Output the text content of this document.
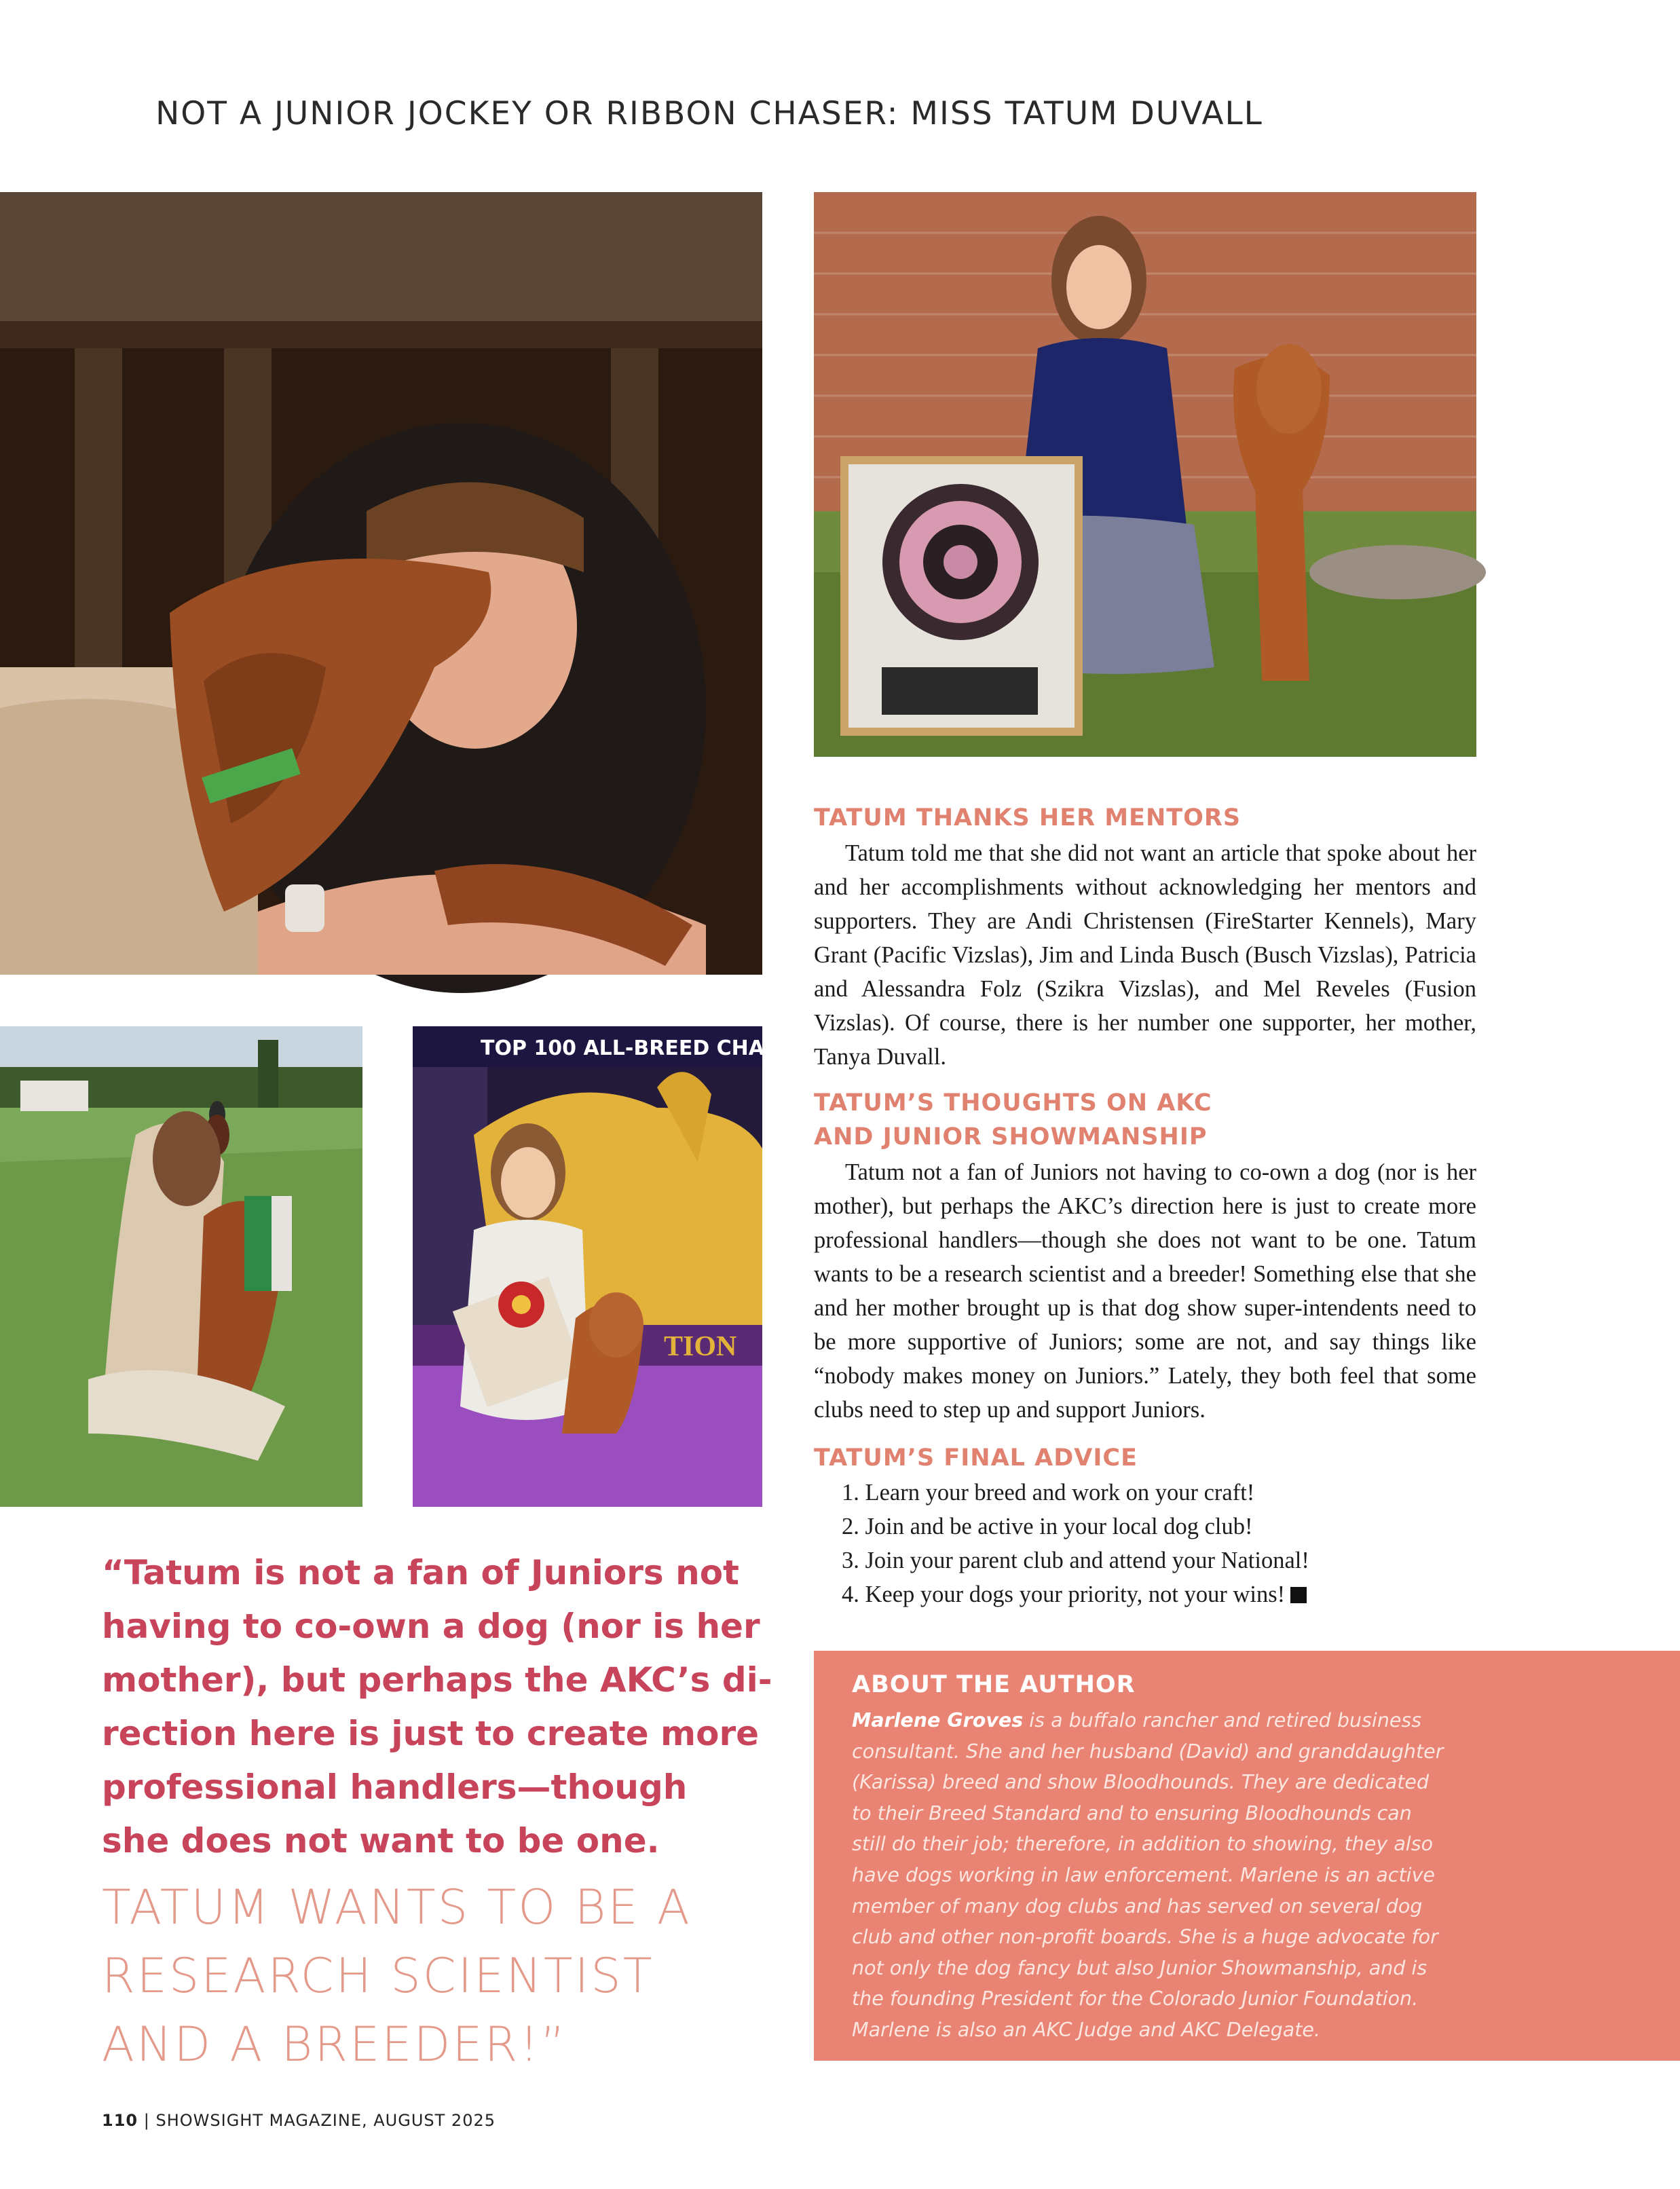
NOT A JUNIOR JOCKEY OR RIBBON CHASER: MISS TATUM DUVALL
TOP 100 ALL-BREED CHAMPIONS
TION
TATUM THANKS HER MENTORS

Tatum told me that she did not want an article that spoke about her and her accomplishments without acknowledging her mentors and supporters. They are Andi Christensen (FireStarter Kennels), Mary Grant (Pacific Vizslas), Jim and Linda Busch (Busch Vizslas), Patricia and Alessandra Folz (Szikra Vizslas), and Mel Reveles (Fusion Vizslas). Of course, there is her number one supporter, her mother, Tanya Duvall.

TATUM’S THOUGHTS ON AKC
AND JUNIOR SHOWMANSHIP

Tatum not a fan of Juniors not having to co-own a dog (nor is her mother), but perhaps the AKC’s direction here is just to create more professional handlers—though she does not want to be one. Tatum wants to be a research scientist and a breeder! Something else that she and her mother brought up is that dog show super-intendents need to be more supportive of Juniors; some are not, and say things like “nobody makes money on Juniors.” Lately, they both feel that some clubs need to step up and support Juniors.

TATUM’S FINAL ADVICE
1. Learn your breed and work on your craft!
2. Join and be active in your local dog club!
3. Join your parent club and attend your National!
4. Keep your dogs your priority, not your wins!
“Tatum is not a fan of Juniors not
having to co-own a dog (nor is her
mother), but perhaps the AKC’s di-
rection here is just to create more
professional handlers—though
she does not want to be one.
TATUM WANTS TO BE A
RESEARCH SCIENTIST
AND A BREEDER!”
ABOUT THE AUTHOR
Marlene Groves is a buffalo rancher and retired business
consultant. She and her husband (David) and granddaughter
(Karissa) breed and show Bloodhounds. They are dedicated
to their Breed Standard and to ensuring Bloodhounds can
still do their job; therefore, in addition to showing, they also
have dogs working in law enforcement. Marlene is an active
member of many dog clubs and has served on several dog
club and other non-profit boards. She is a huge advocate for
not only the dog fancy but also Junior Showmanship, and is
the founding President for the Colorado Junior Foundation.
Marlene is also an AKC Judge and AKC Delegate.
110 | SHOWSIGHT MAGAZINE, AUGUST 2025
